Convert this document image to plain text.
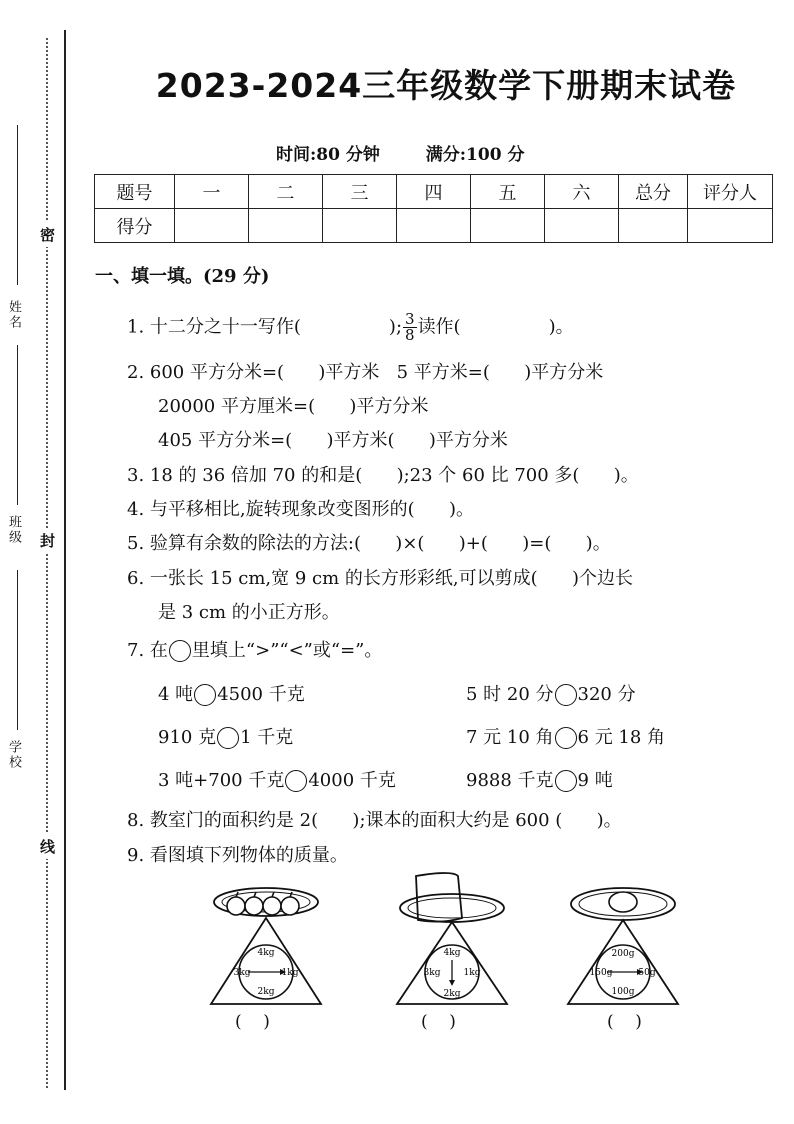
姓名
班级
学校
密
封
线
2023-2024三年级数学下册期末试卷
时间:80 分钟	满分:100 分
题号	一	二	三	四	五	六	总分	评分人
得分								
一、填一填。(29 分)
1. 十二分之十一写作(	); $\frac{3}{8}$ 读作(	)。
2. 600 平方分米=(      )平方米   5 平方米=(      )平方分米
20000 平方厘米=(      )平方分米
405 平方分米=(      )平方米(      )平方分米
3. 18 的 36 倍加 70 的和是(      );23 个 60 比 700 多(      )。
4. 与平移相比,旋转现象改变图形的(      )。
5. 验算有余数的除法的方法:(      )×(      )+(      )=(      )。
6. 一张长 15 cm,宽 9 cm 的长方形彩纸,可以剪成(      )个边长
是 3 cm 的小正方形。
7. 在 里填上“>”“<”或“=”。
4 吨 4500 千克	5 时 20 分 320 分
910 克 1 千克	7 元 10 角 6 元 18 角
3 吨+700 千克 4000 千克	9888 千克 9 吨
8. 教室门的面积约是 2(      );课本的面积大约是 600 (      )。
9. 看图填下列物体的质量。
4kg
3kg	1kg
2kg
4kg
3kg	1kg
2kg
200g
150g	50g
100g
(    )	(    )	(    )
